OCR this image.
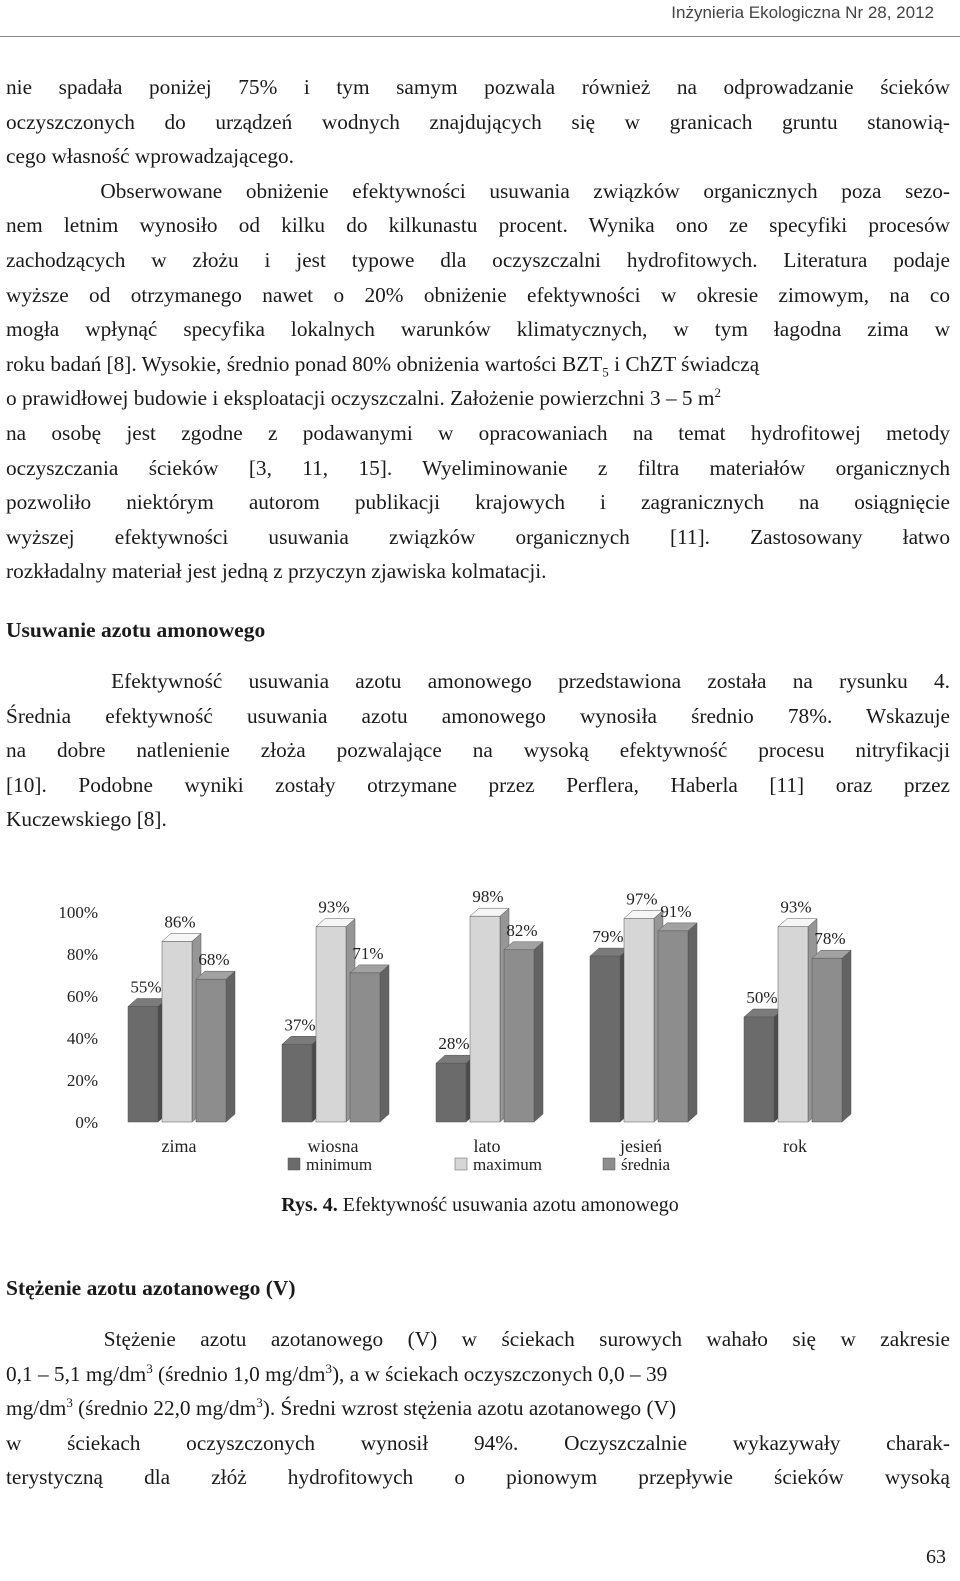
Inżynieria Ekologiczna Nr 28, 2012
nie spadała poniżej 75% i tym samym pozwala również na odprowadzanie ścieków
oczyszczonych do urządzeń wodnych znajdujących się w granicach gruntu stanowią-
cego własność wprowadzającego.
Obserwowane obniżenie efektywności usuwania związków organicznych poza sezo-
nem letnim wynosiło od kilku do kilkunastu procent. Wynika ono ze specyfiki procesów
zachodzących w złożu i jest typowe dla oczyszczalni hydrofitowych. Literatura podaje
wyższe od otrzymanego nawet o 20% obniżenie efektywności w okresie zimowym, na co
mogła wpłynąć specyfika lokalnych warunków klimatycznych, w tym łagodna zima w
roku badań [8]. Wysokie, średnio ponad 80% obniżenia wartości $BZT_5$ i ChZT świadczą
o prawidłowej budowie i eksploatacji oczyszczalni. Założenie powierzchni 3 – 5 $m^2$
na osobę jest zgodne z podawanymi w opracowaniach na temat hydrofitowej metody
oczyszczania ścieków [3, 11, 15]. Wyeliminowanie z filtra materiałów organicznych
pozwoliło niektórym autorom publikacji krajowych i zagranicznych na osiągnięcie
wyższej efektywności usuwania związków organicznych [11]. Zastosowany łatwo
rozkładalny materiał jest jedną z przyczyn zjawiska kolmatacji.
Usuwanie azotu amonowego
Efektywność usuwania azotu amonowego przedstawiona została na rysunku 4.
Średnia efektywność usuwania azotu amonowego wynosiła średnio 78%. Wskazuje
na dobre natlenienie złoża pozwalające na wysoką efektywność procesu nitryfikacji
[10]. Podobne wyniki zostały otrzymane przez Perflera, Haberla [11] oraz przez
Kuczewskiego [8].
0%
20%
40%
60%
80%
100%
55%
86%
68%
37%
93%
71%
28%
98%
82%	79%
97%
91%
50%
93%
78%
zima	wiosna	lato	jesień	rok
minimum	maximum	średnia
Rys. 4. Efektywność usuwania azotu amonowego
Stężenie azotu azotanowego (V)
Stężenie azotu azotanowego (V) w ściekach surowych wahało się w zakresie
0,1 – 5,1 $mg/dm^3$ (średnio 1,0 $mg/dm^3$), a w ściekach oczyszczonych 0,0 – 39
$mg/dm^3$ (średnio 22,0 $mg/dm^3$). Średni wzrost stężenia azotu azotanowego (V)
w ściekach oczyszczonych wynosił 94%. Oczyszczalnie wykazywały charak-
terystyczną dla złóż hydrofitowych o pionowym przepływie ścieków wysoką
63
